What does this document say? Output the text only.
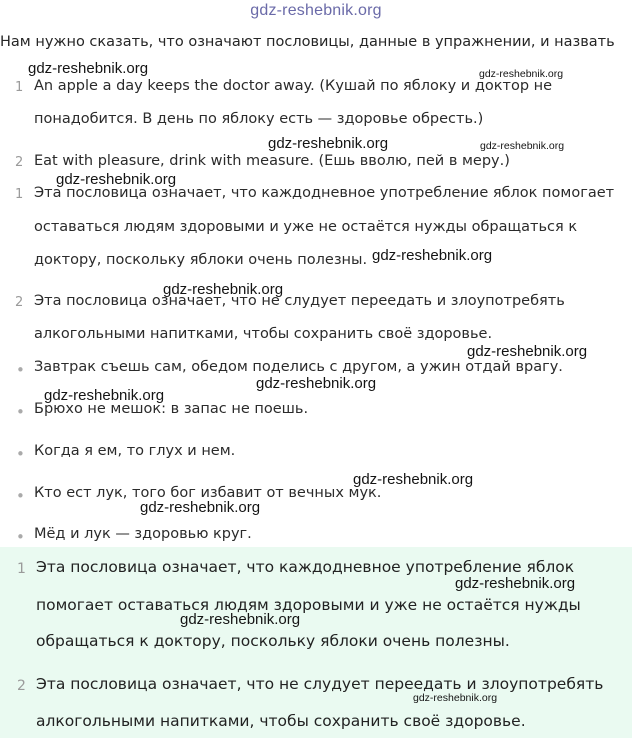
gdz-reshebnik.org
Нам нужно сказать, что означают пословицы, данные в упражнении, и назвать
1 An apple a day keeps the doctor away. (Кушай по яблоку и доктор не
понадобится. В день по яблоку есть — здоровье обресть.)
2 Eat with pleasure, drink with measure. (Ешь вволю, пей в меру.)
1 Эта пословица означает, что каждодневное употребление яблок помогает
оставаться людям здоровыми и уже не остаётся нужды обращаться к
доктору, поскольку яблоки очень полезны.
2 Эта пословица означает, что не слудует переедать и злоупотребять
алкогольными напитками, чтобы сохранить своё здоровье.
• Завтрак съешь сам, обедом поделись с другом, а ужин отдай врагу.
• Брюхо не мешок: в запас не поешь.
• Когда я ем, то глух и нем.
• Кто ест лук, того бог избавит от вечных мук.
• Мёд и лук — здоровью круг.
1 Эта пословица означает, что каждодневное употребление яблок
помогает оставаться людям здоровыми и уже не остаётся нужды
обращаться к доктору, поскольку яблоки очень полезны.
2 Эта пословица означает, что не слудует переедать и злоупотребять
алкогольными напитками, чтобы сохранить своё здоровье.
gdz-reshebnik.org	gdz-reshebnik.org
gdz-reshebnik.org	gdz-reshebnik.org
gdz-reshebnik.org
gdz-reshebnik.org
gdz-reshebnik.org
gdz-reshebnik.org
gdz-reshebnik.org
gdz-reshebnik.org
gdz-reshebnik.org
gdz-reshebnik.org
gdz-reshebnik.org
gdz-reshebnik.org
gdz-reshebnik.org
